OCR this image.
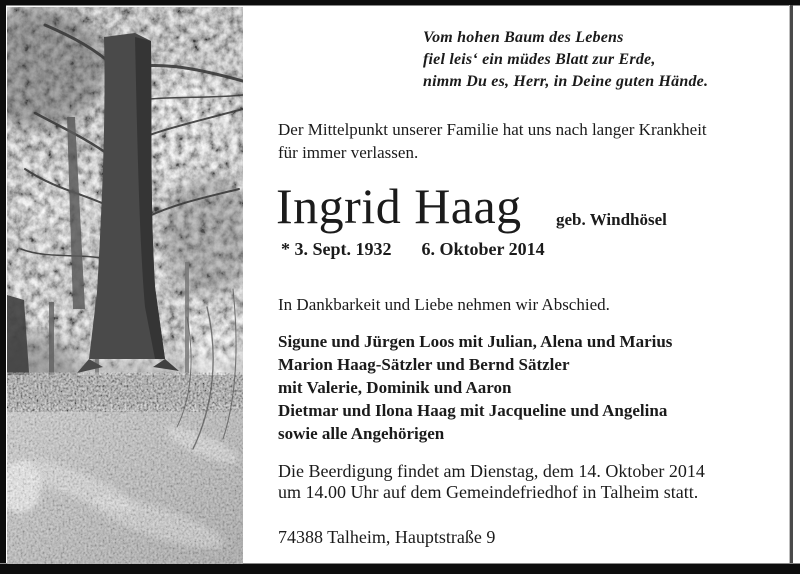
Vom hohen Baum des Lebens
fiel leis‘ ein müdes Blatt zur Erde,
nimm Du es, Herr, in Deine guten Hände.
Der Mittelpunkt unserer Familie hat uns nach langer Krankheit
für immer verlassen.
Ingrid Haag geb. Windhösel
* 3. Sept. 1932 6. Oktober 2014
In Dankbarkeit und Liebe nehmen wir Abschied.
Sigune und Jürgen Loos mit Julian, Alena und Marius
Marion Haag-Sätzler und Bernd Sätzler
mit Valerie, Dominik und Aaron
Dietmar und Ilona Haag mit Jacqueline und Angelina
sowie alle Angehörigen
Die Beerdigung findet am Dienstag, dem 14. Oktober 2014
um 14.00 Uhr auf dem Gemeindefriedhof in Talheim statt.
74388 Talheim, Hauptstraße 9
